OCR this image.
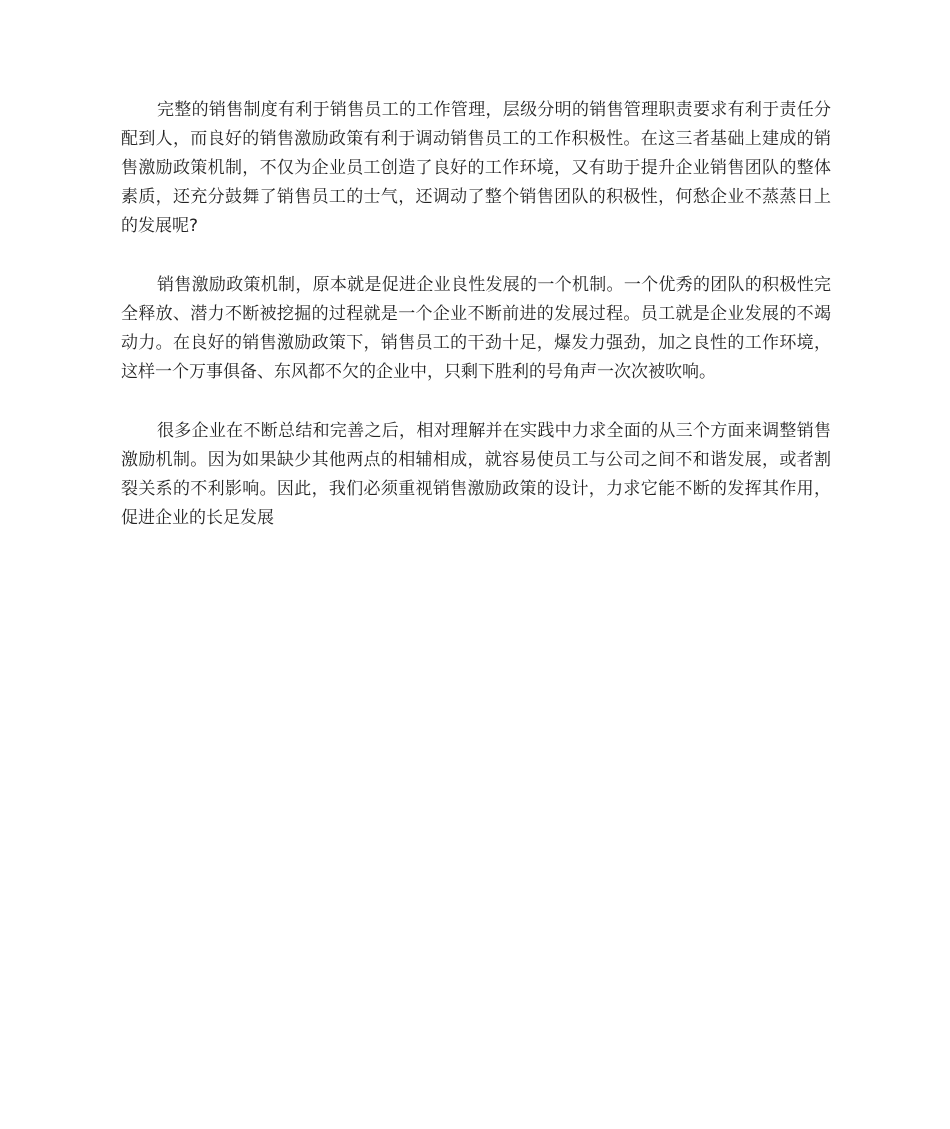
完整的销售制度有利于销售员工的工作管理，层级分明的销售管理职责要求有利于责任分配到人，而良好的销售激励政策有利于调动销售员工的工作积极性。在这三者基础上建成的销售激励政策机制，不仅为企业员工创造了良好的工作环境，又有助于提升企业销售团队的整体素质，还充分鼓舞了销售员工的士气，还调动了整个销售团队的积极性，何愁企业不蒸蒸日上的发展呢?

销售激励政策机制，原本就是促进企业良性发展的一个机制。一个优秀的团队的积极性完全释放、潜力不断被挖掘的过程就是一个企业不断前进的发展过程。员工就是企业发展的不竭动力。在良好的销售激励政策下，销售员工的干劲十足，爆发力强劲，加之良性的工作环境，这样一个万事俱备、东风都不欠的企业中，只剩下胜利的号角声一次次被吹响。

很多企业在不断总结和完善之后，相对理解并在实践中力求全面的从三个方面来调整销售激励机制。因为如果缺少其他两点的相辅相成，就容易使员工与公司之间不和谐发展，或者割裂关系的不利影响。因此，我们必须重视销售激励政策的设计，力求它能不断的发挥其作用，促进企业的长足发展
